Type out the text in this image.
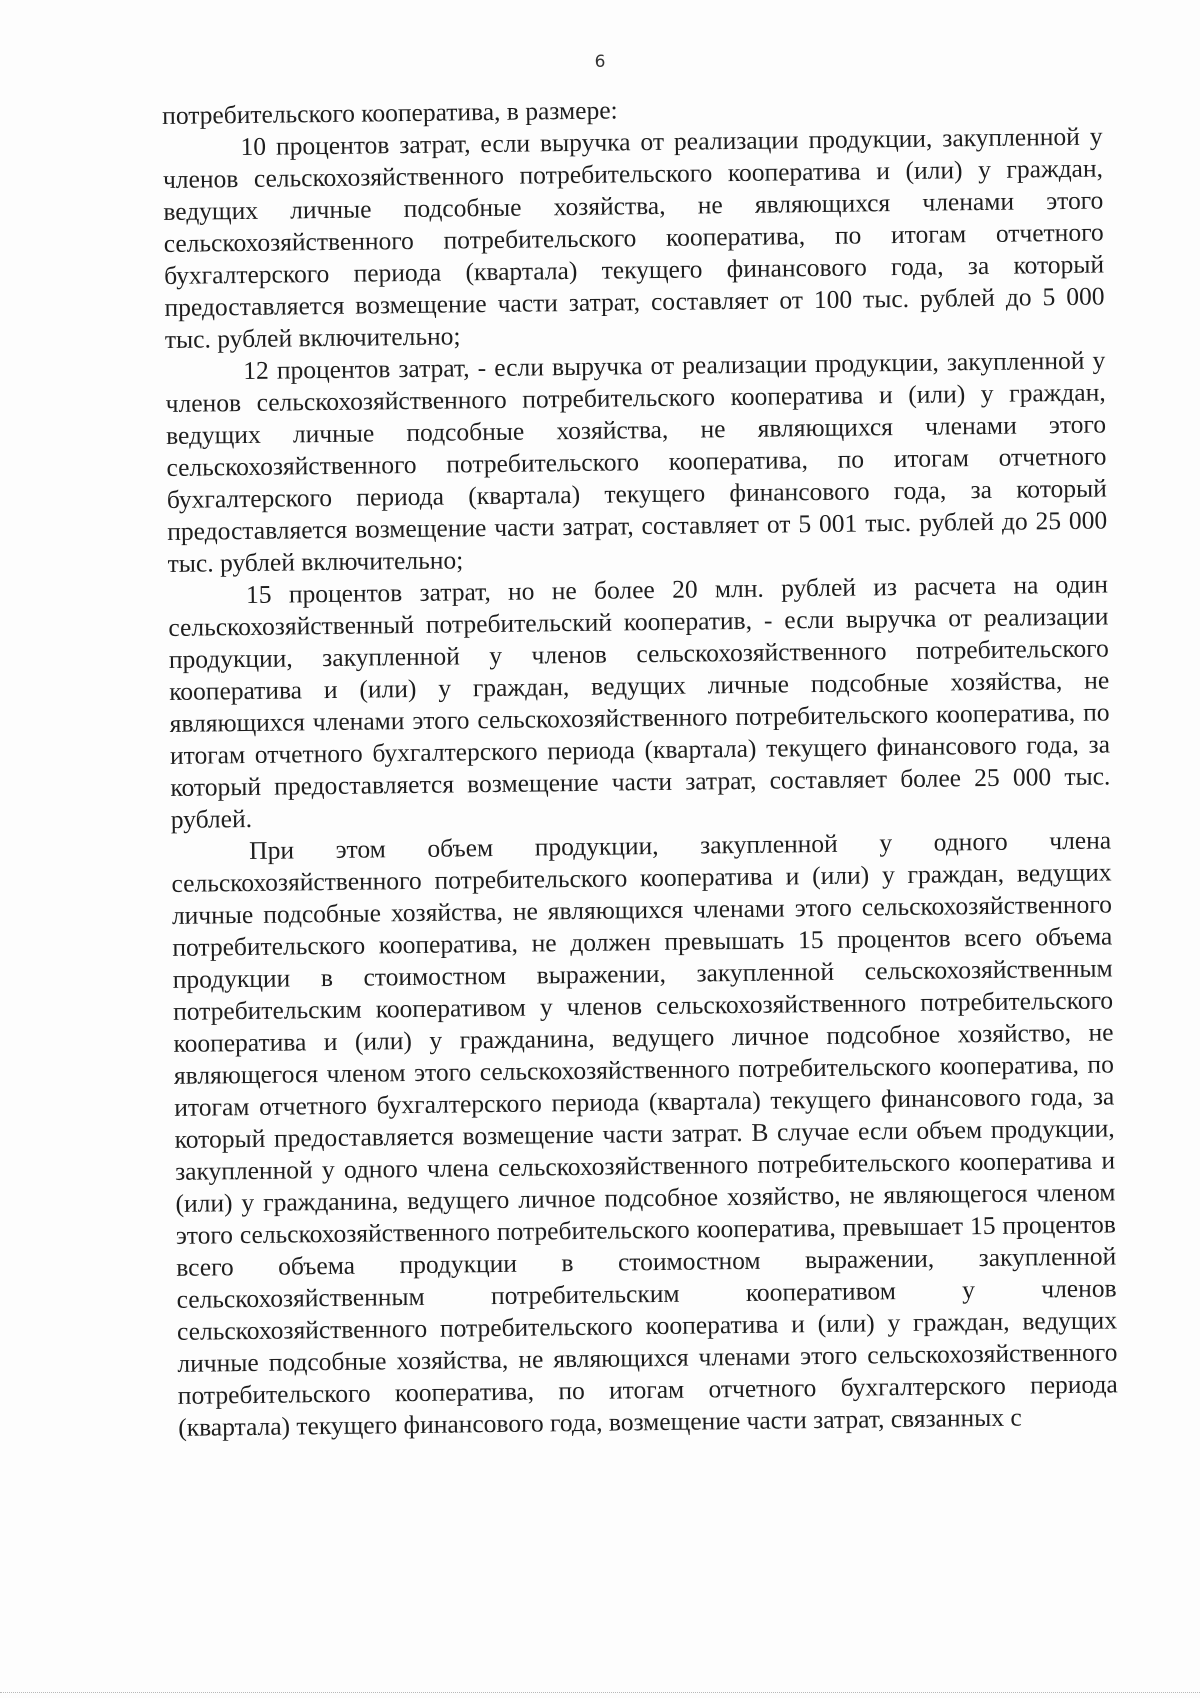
6

потребительского кооператива, в размере:

10 процентов затрат, если выручка от реализации продукции, закупленной у членов сельскохозяйственного потребительского кооператива и (или) у граждан, ведущих личные подсобные хозяйства, не являющихся членами этого сельскохозяйственного потребительского кооператива, по итогам отчетного бухгалтерского периода (квартала) текущего финансового года, за который предоставляется возмещение части затрат, составляет от 100 тыс. рублей до 5 000 тыс. рублей включительно;

12 процентов затрат, - если выручка от реализации продукции, закупленной у членов сельскохозяйственного потребительского кооператива и (или) у граждан, ведущих личные подсобные хозяйства, не являющихся членами этого сельскохозяйственного потребительского кооператива, по итогам отчетного бухгалтерского периода (квартала) текущего финансового года, за который предоставляется возмещение части затрат, составляет от 5 001 тыс. рублей до 25 000 тыс. рублей включительно;

15 процентов затрат, но не более 20 млн. рублей из расчета на один сельскохозяйственный потребительский кооператив, - если выручка от реализации продукции, закупленной у членов сельскохозяйственного потребительского кооператива и (или) у граждан, ведущих личные подсобные хозяйства, не являющихся членами этого сельскохозяйственного потребительского кооператива, по итогам отчетного бухгалтерского периода (квартала) текущего финансового года, за который предоставляется возмещение части затрат, составляет более 25 000 тыс. рублей.

При этом объем продукции, закупленной у одного члена сельскохозяйственного потребительского кооператива и (или) у граждан, ведущих личные подсобные хозяйства, не являющихся членами этого сельскохозяйственного потребительского кооператива, не должен превышать 15 процентов всего объема продукции в стоимостном выражении, закупленной сельскохозяйственным потребительским кооперативом у членов сельскохозяйственного потребительского кооператива и (или) у гражданина, ведущего личное подсобное хозяйство, не являющегося членом этого сельскохозяйственного потребительского кооператива, по итогам отчетного бухгалтерского периода (квартала) текущего финансового года, за который предоставляется возмещение части затрат. В случае если объем продукции, закупленной у одного члена сельскохозяйственного потребительского кооператива и (или) у гражданина, ведущего личное подсобное хозяйство, не являющегося членом этого сельскохозяйственного потребительского кооператива, превышает 15 процентов всего объема продукции в стоимостном выражении, закупленной сельскохозяйственным потребительским кооперативом у членов сельскохозяйственного потребительского кооператива и (или) у граждан, ведущих личные подсобные хозяйства, не являющихся членами этого сельскохозяйственного потребительского кооператива, по итогам отчетного бухгалтерского периода (квартала) текущего финансового года, возмещение части затрат, связанных с
